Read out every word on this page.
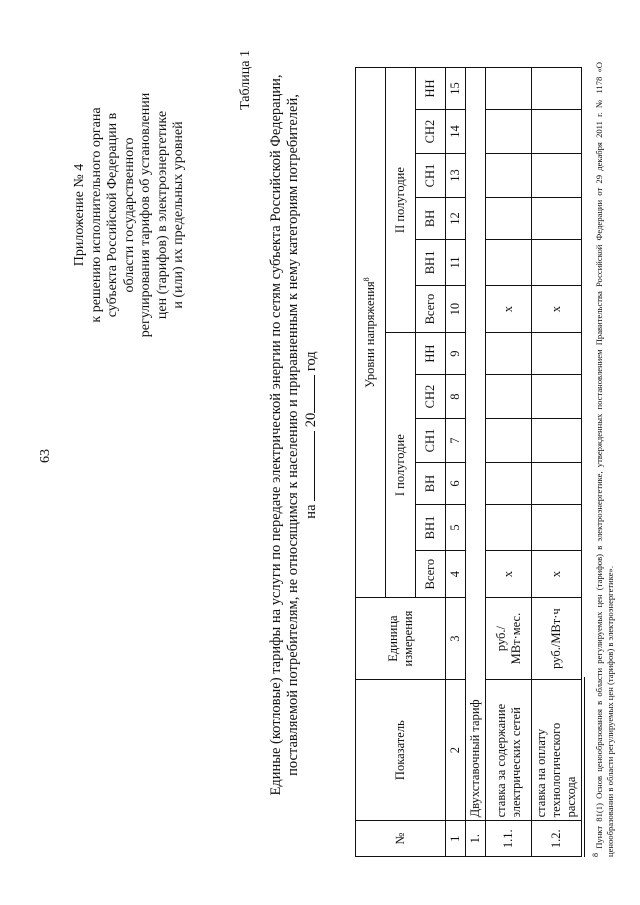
63
Приложение № 4 к решению исполнительного органа субъекта Российской Федерации в области государственного регулирования тарифов об установлении цен (тарифов) в электроэнергетике и (или) их предельных уровней
Таблица 1 Единые (котловые) тарифы на услуги по передаче электрической энергии по сетям субъекта Российской Федерации, поставляемой потребителям, не относящимся к населению и приравненным к нему категориям потребителей, на  20 год
№	Показатель	Единица измерения	Уровни напряжения$^8$
			I полугодие						II полугодие					
			Всего	ВН1	ВН	СН1	СН2	НН	Всего	ВН1	ВН	СН1	СН2	НН
1	2	3	4	5	6	7	8	9	10	11	12	13	14	15
1.	Двухставочный тариф													
1.1.	ставка за содержание электрических сетей	руб./МВт·мес.	х						х					
1.2.	ставка на оплату технологического расхода	руб./МВт·ч	х						х					
$^8$ Пункт 81(1) Основ ценообразования в области регулируемых цен (тарифов) в электроэнергетике, утвержденных постановлением Правительства Российской Федерации от 29 декабря 2011 г. № 1178 «О ценообразовании в области регулируемых цен (тарифов) в электроэнергетике».
